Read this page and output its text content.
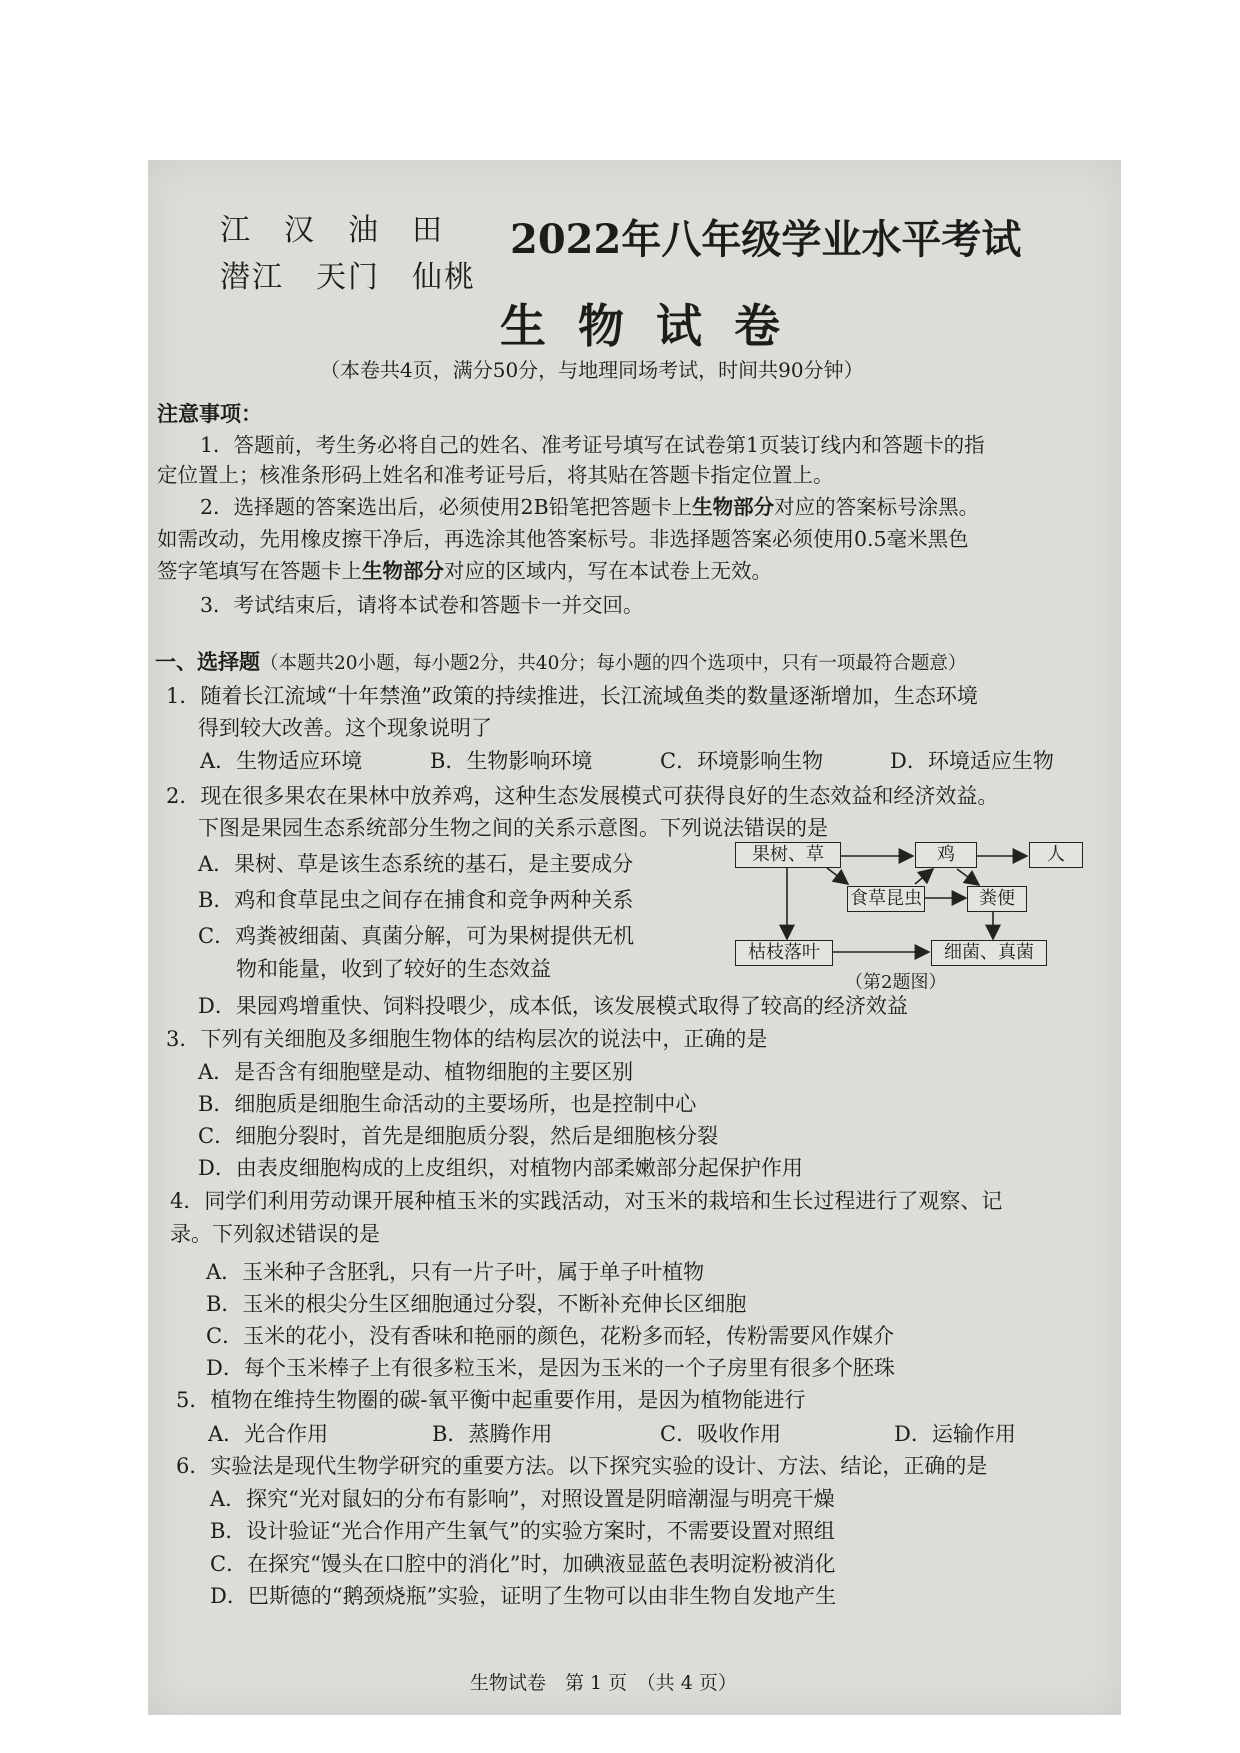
江　汉　油　田
潜江　天门　仙桃
2022年八年级学业水平考试
生 物 试 卷
（本卷共4页，满分50分，与地理同场考试，时间共90分钟）
注意事项：
1．答题前，考生务必将自己的姓名、准考证号填写在试卷第1页装订线内和答题卡的指
定位置上；核准条形码上姓名和准考证号后，将其贴在答题卡指定位置上。
2．选择题的答案选出后，必须使用2B铅笔把答题卡上生物部分对应的答案标号涂黑。
如需改动，先用橡皮擦干净后，再选涂其他答案标号。非选择题答案必须使用0.5毫米黑色
签字笔填写在答题卡上生物部分对应的区域内，写在本试卷上无效。
3．考试结束后，请将本试卷和答题卡一并交回。
一、选择题（本题共20小题，每小题2分，共40分；每小题的四个选项中，只有一项最符合题意）
1．随着长江流域“十年禁渔”政策的持续推进，长江流域鱼类的数量逐渐增加，生态环境
得到较大改善。这个现象说明了
A．生物适应环境	B．生物影响环境	C．环境影响生物	D．环境适应生物
2．现在很多果农在果林中放养鸡，这种生态发展模式可获得良好的生态效益和经济效益。
下图是果园生态系统部分生物之间的关系示意图。下列说法错误的是
A．果树、草是该生态系统的基石，是主要成分
B．鸡和食草昆虫之间存在捕食和竞争两种关系
C．鸡粪被细菌、真菌分解，可为果树提供无机
物和能量，收到了较好的生态效益
D．果园鸡增重快、饲料投喂少，成本低，该发展模式取得了较高的经济效益
果树、草	鸡	人
食草昆虫	粪便
枯枝落叶	细菌、真菌
（第2题图）
3．下列有关细胞及多细胞生物体的结构层次的说法中，正确的是
A．是否含有细胞壁是动、植物细胞的主要区别
B．细胞质是细胞生命活动的主要场所，也是控制中心
C．细胞分裂时，首先是细胞质分裂，然后是细胞核分裂
D．由表皮细胞构成的上皮组织，对植物内部柔嫩部分起保护作用
4．同学们利用劳动课开展种植玉米的实践活动，对玉米的栽培和生长过程进行了观察、记
录。下列叙述错误的是
A．玉米种子含胚乳，只有一片子叶，属于单子叶植物
B．玉米的根尖分生区细胞通过分裂，不断补充伸长区细胞
C．玉米的花小，没有香味和艳丽的颜色，花粉多而轻，传粉需要风作媒介
D．每个玉米棒子上有很多粒玉米，是因为玉米的一个子房里有很多个胚珠
5．植物在维持生物圈的碳-氧平衡中起重要作用，是因为植物能进行
A．光合作用	B．蒸腾作用	C．吸收作用	D．运输作用
6．实验法是现代生物学研究的重要方法。以下探究实验的设计、方法、结论，正确的是
A．探究“光对鼠妇的分布有影响”，对照设置是阴暗潮湿与明亮干燥
B．设计验证“光合作用产生氧气”的实验方案时，不需要设置对照组
C．在探究“馒头在口腔中的消化”时，加碘液显蓝色表明淀粉被消化
D．巴斯德的“鹅颈烧瓶”实验，证明了生物可以由非生物自发地产生
生物试卷　第 1 页　（共 4 页）
